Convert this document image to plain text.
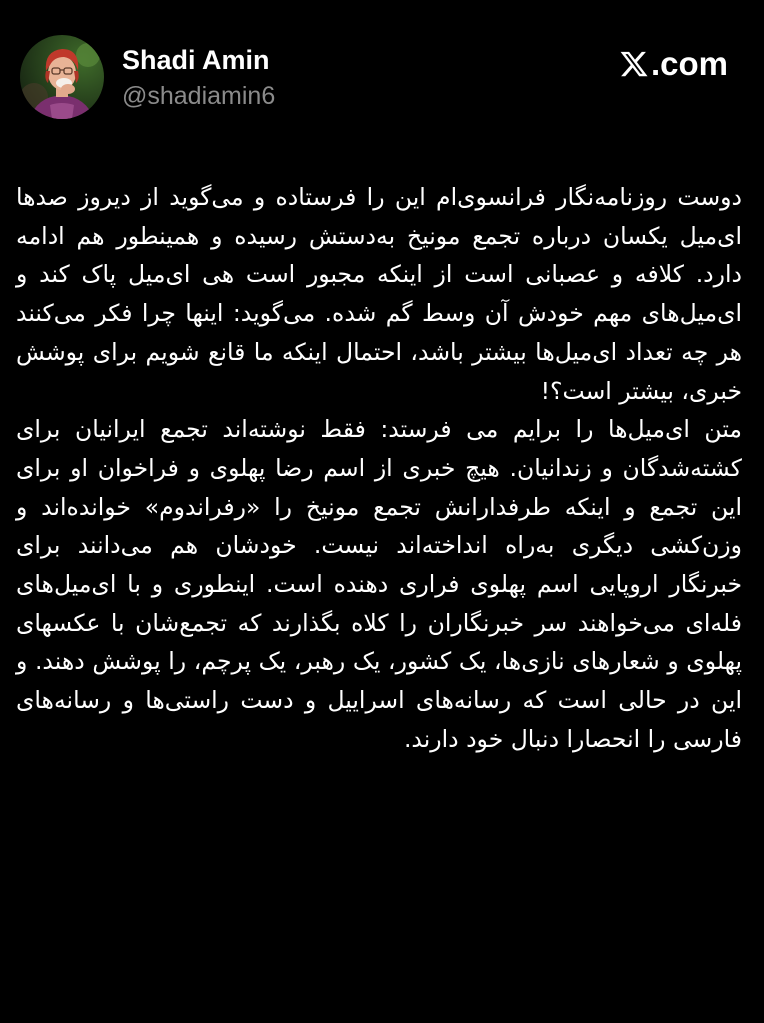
Shadi Amin
@shadiamin6
.com

دوست روزنامه‌نگار فرانسوی‌ام این را فرستاده و می‌گوید از دیروز صدها ای‌میل یکسان درباره تجمع مونیخ به‌دستش رسیده و همینطور هم ادامه دارد. کلافه و عصبانی است از اینکه مجبور است هی ای‌میل پاک کند و ای‌میل‌های مهم خودش آن وسط گم شده. می‌گوید: اینها چرا فکر می‌کنند هر چه تعداد ای‌میل‌ها بیشتر باشد، احتمال اینکه ما قانع شویم برای پوشش خبری، بیشتر است؟!

متن ای‌میل‌ها را برایم می فرستد: فقط نوشته‌اند تجمع ایرانیان برای کشته‌شدگان و زندانیان. هیچ خبری از اسم رضا پهلوی و فراخوان او برای این تجمع و اینکه طرفدارانش تجمع مونیخ را «رفراندوم» خوانده‌اند و وزن‌کشی دیگری به‌راه انداخته‌اند نیست. خودشان هم می‌دانند برای خبرنگار اروپایی اسم پهلوی فراری دهنده است. اینطوری و با ای‌میل‌های فله‌ای می‌خواهند سر خبرنگاران را کلاه بگذارند که تجمع‌شان با عکسهای پهلوی و شعارهای نازی‌ها، یک کشور، یک رهبر، یک پرچم، را پوشش دهند. و این در حالی است که رسانه‌های اسراییل و دست راستی‌ها و رسانه‌های فارسی را انحصارا دنبال خود دارند.
